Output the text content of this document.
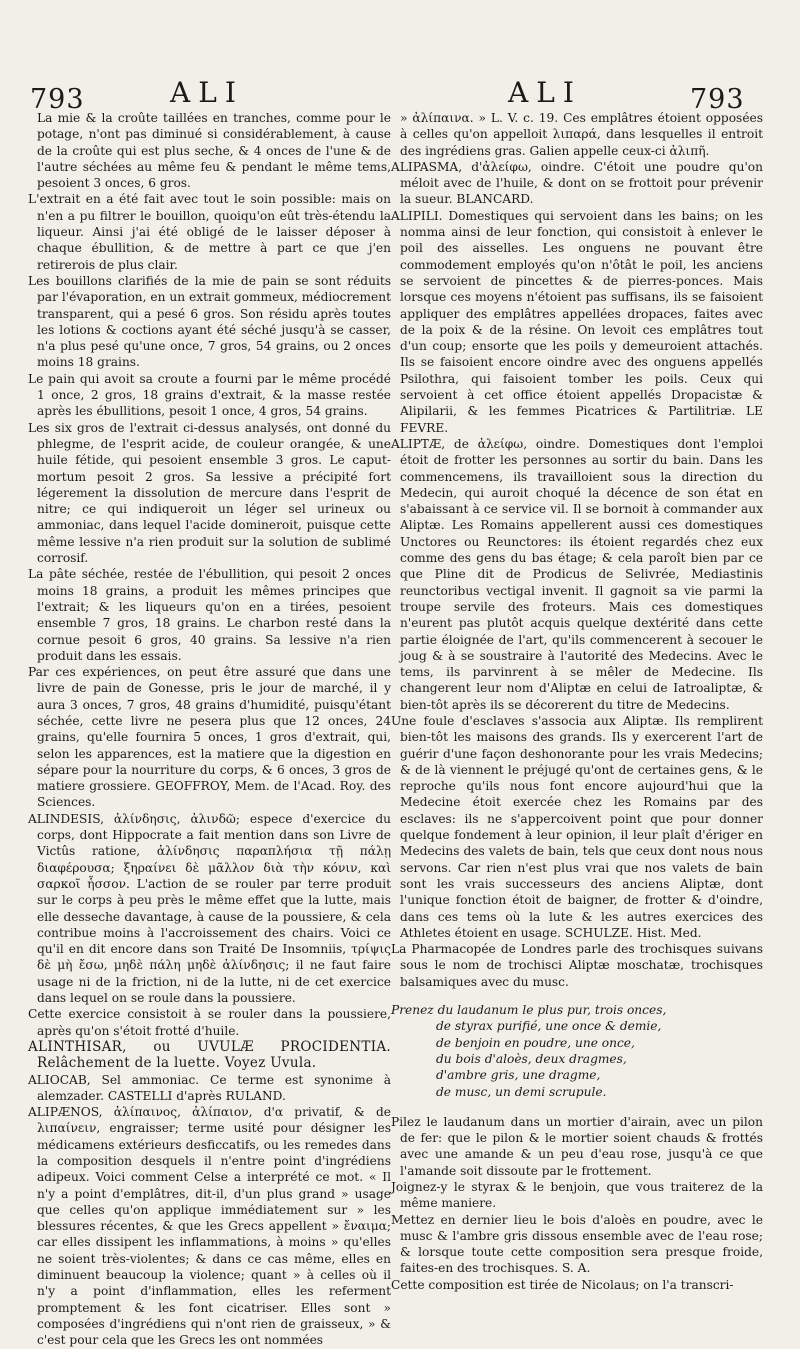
793	ALI	ALI	793

La mie & la croûte taillées en tranches, comme pour le potage, n'ont pas diminué si considérablement, à cause de la croûte qui est plus seche, & 4 onces de l'une & de l'autre séchées au même feu & pendant le même tems, pesoient 3 onces, 6 gros.

L'extrait en a été fait avec tout le soin possible: mais on n'en a pu filtrer le bouillon, quoiqu'on eût très-étendu la liqueur. Ainsi j'ai été obligé de le laisser déposer à chaque ébullition, & de mettre à part ce que j'en retirerois de plus clair.

Les bouillons clarifiés de la mie de pain se sont réduits par l'évaporation, en un extrait gommeux, médiocrement transparent, qui a pesé 6 gros. Son résidu après toutes les lotions & coctions ayant été séché jusqu'à se casser, n'a plus pesé qu'une once, 7 gros, 54 grains, ou 2 onces moins 18 grains.

Le pain qui avoit sa croute a fourni par le même procédé 1 once, 2 gros, 18 grains d'extrait, & la masse restée après les ébullitions, pesoit 1 once, 4 gros, 54 grains.

Les six gros de l'extrait ci-dessus analysés, ont donné du phlegme, de l'esprit acide, de couleur orangée, & une huile fétide, qui pesoient ensemble 3 gros. Le caput-mortum pesoit 2 gros. Sa lessive a précipité fort légerement la dissolution de mercure dans l'esprit de nitre; ce qui indiqueroit un léger sel urineux ou ammoniac, dans lequel l'acide domineroit, puisque cette même lessive n'a rien produit sur la solution de sublimé corrosif.

La pâte séchée, restée de l'ébullition, qui pesoit 2 onces moins 18 grains, a produit les mêmes principes que l'extrait; & les liqueurs qu'on en a tirées, pesoient ensemble 7 gros, 18 grains. Le charbon resté dans la cornue pesoit 6 gros, 40 grains. Sa lessive n'a rien produit dans les essais.

Par ces expériences, on peut être assuré que dans une livre de pain de Gonesse, pris le jour de marché, il y aura 3 onces, 7 gros, 48 grains d'humidité, puisqu'étant séchée, cette livre ne pesera plus que 12 onces, 24 grains, qu'elle fournira 5 onces, 1 gros d'extrait, qui, selon les apparences, est la matiere que la digestion en sépare pour la nourriture du corps, & 6 onces, 3 gros de matiere grossiere. GEOFFROY, Mem. de l'Acad. Roy. des Sciences.

ALINDESIS, ἀλίνδησις, ἀλινδῶ; espece d'exercice du corps, dont Hippocrate a fait mention dans son Livre de Victûs ratione, ἀλίνδησις παραπλήσια τῇ πάλῃ διαφέρουσα; ξηραίνει δὲ μᾶλλον διὰ τὴν κόνιν, καὶ σαρκοῖ ἧσσον. L'action de se rouler par terre produit sur le corps à peu près le même effet que la lutte, mais elle desseche davantage, à cause de la poussiere, & cela contribue moins à l'accroissement des chairs. Voici ce qu'il en dit encore dans son Traité De Insomniis, τρίψις δὲ μὴ ἔσω, μηδὲ πάλη μηδὲ ἀλίνδησις; il ne faut faire usage ni de la friction, ni de la lutte, ni de cet exercice dans lequel on se roule dans la poussiere.

Cette exercice consistoit à se rouler dans la poussiere, après qu'on s'étoit frotté d'huile.

ALINTHISAR, ou UVULÆ PROCIDENTIA. Relâchement de la luette. Voyez Uvula.

ALIOCAB, Sel ammoniac. Ce terme est synonime à alemzader. CASTELLI d'après RULAND.

ALIPÆNOS, ἀλίπαινος, ἀλίπαιον, d'α privatif, & de λιπαίνειν, engraisser; terme usité pour désigner les médicamens extérieurs desficcatifs, ou les remedes dans la composition desquels il n'entre point d'ingrédiens adipeux. Voici comment Celse a interprété ce mot. « Il n'y a point d'emplâtres, dit-il, d'un plus grand » usage que celles qu'on applique immédiatement sur » les blessures récentes, & que les Grecs appellent » ἔναιμα; car elles dissipent les inflammations, à moins » qu'elles ne soient très-violentes; & dans ce cas même, elles en diminuent beaucoup la violence; quant » à celles où il n'y a point d'inflammation, elles les referment promptement & les font cicatriser. Elles sont » composées d'ingrédiens qui n'ont rien de graisseux, » & c'est pour cela que les Grecs les ont nommées

» ἀλίπαινα. » L. V. c. 19. Ces emplâtres étoient opposées à celles qu'on appelloit λιπαρά, dans lesquelles il entroit des ingrédiens gras. Galien appelle ceux-ci ἀλιπῆ.

ALIPASMA, d'ἀλείφω, oindre. C'étoit une poudre qu'on méloit avec de l'huile, & dont on se frottoit pour prévenir la sueur. BLANCARD.

ALIPILI. Domestiques qui servoient dans les bains; on les nomma ainsi de leur fonction, qui consistoit à enlever le poil des aisselles. Les onguens ne pouvant être commodement employés qu'on n'ôtât le poil, les anciens se servoient de pincettes & de pierres-ponces. Mais lorsque ces moyens n'étoient pas suffisans, ils se faisoient appliquer des emplâtres appellées dropaces, faites avec de la poix & de la résine. On levoit ces emplâtres tout d'un coup; ensorte que les poils y demeuroient attachés. Ils se faisoient encore oindre avec des onguens appellés Psilothra, qui faisoient tomber les poils. Ceux qui servoient à cet office étoient appellés Dropacistæ & Alipilarii, & les femmes Picatrices & Partilitriæ. LE FEVRE.

ALIPTÆ, de ἀλείφω, oindre. Domestiques dont l'emploi étoit de frotter les personnes au sortir du bain. Dans les commencemens, ils travailloient sous la direction du Medecin, qui auroit choqué la décence de son état en s'abaissant à ce service vil. Il se bornoit à commander aux Aliptæ. Les Romains appellerent aussi ces domestiques Unctores ou Reunctores: ils étoient regardés chez eux comme des gens du bas étage; & cela paroît bien par ce que Pline dit de Prodicus de Selivrée, Mediastinis reunctoribus vectigal invenit. Il gagnoit sa vie parmi la troupe servile des froteurs. Mais ces domestiques n'eurent pas plutôt acquis quelque dextérité dans cette partie éloignée de l'art, qu'ils commencerent à secouer le joug & à se soustraire à l'autorité des Medecins. Avec le tems, ils parvinrent à se mêler de Medecine. Ils changerent leur nom d'Aliptæ en celui de Iatroaliptæ, & bien-tôt après ils se décorerent du titre de Medecins.

Une foule d'esclaves s'associa aux Aliptæ. Ils remplirent bien-tôt les maisons des grands. Ils y exercerent l'art de guérir d'une façon deshonorante pour les vrais Medecins; & de là viennent le préjugé qu'ont de certaines gens, & le reproche qu'ils nous font encore aujourd'hui que la Medecine étoit exercée chez les Romains par des esclaves: ils ne s'appercoivent point que pour donner quelque fondement à leur opinion, il leur plaît d'ériger en Medecins des valets de bain, tels que ceux dont nous nous servons. Car rien n'est plus vrai que nos valets de bain sont les vrais successeurs des anciens Aliptæ, dont l'unique fonction étoit de baigner, de frotter & d'oindre, dans ces tems où la lute & les autres exercices des Athletes étoient en usage. SCHULZE. Hist. Med.

La Pharmacopée de Londres parle des trochisques suivans sous le nom de trochisci Aliptæ moschatæ, trochisques balsamiques avec du musc.

Prenez du laudanum le plus pur, trois onces,
de styrax purifié, une once & demie,
de benjoin en poudre, une once,
du bois d'aloès, deux dragmes,
d'ambre gris, une dragme,
de musc, un demi scrupule.

Pilez le laudanum dans un mortier d'airain, avec un pilon de fer: que le pilon & le mortier soient chauds & frottés avec une amande & un peu d'eau rose, jusqu'à ce que l'amande soit dissoute par le frottement.

Joignez-y le styrax & le benjoin, que vous traiterez de la même maniere.

Mettez en dernier lieu le bois d'aloès en poudre, avec le musc & l'ambre gris dissous ensemble avec de l'eau rose; & lorsque toute cette composition sera presque froide, faites-en des trochisques. S. A.

Cette composition est tirée de Nicolaus; on l'a transcri-
